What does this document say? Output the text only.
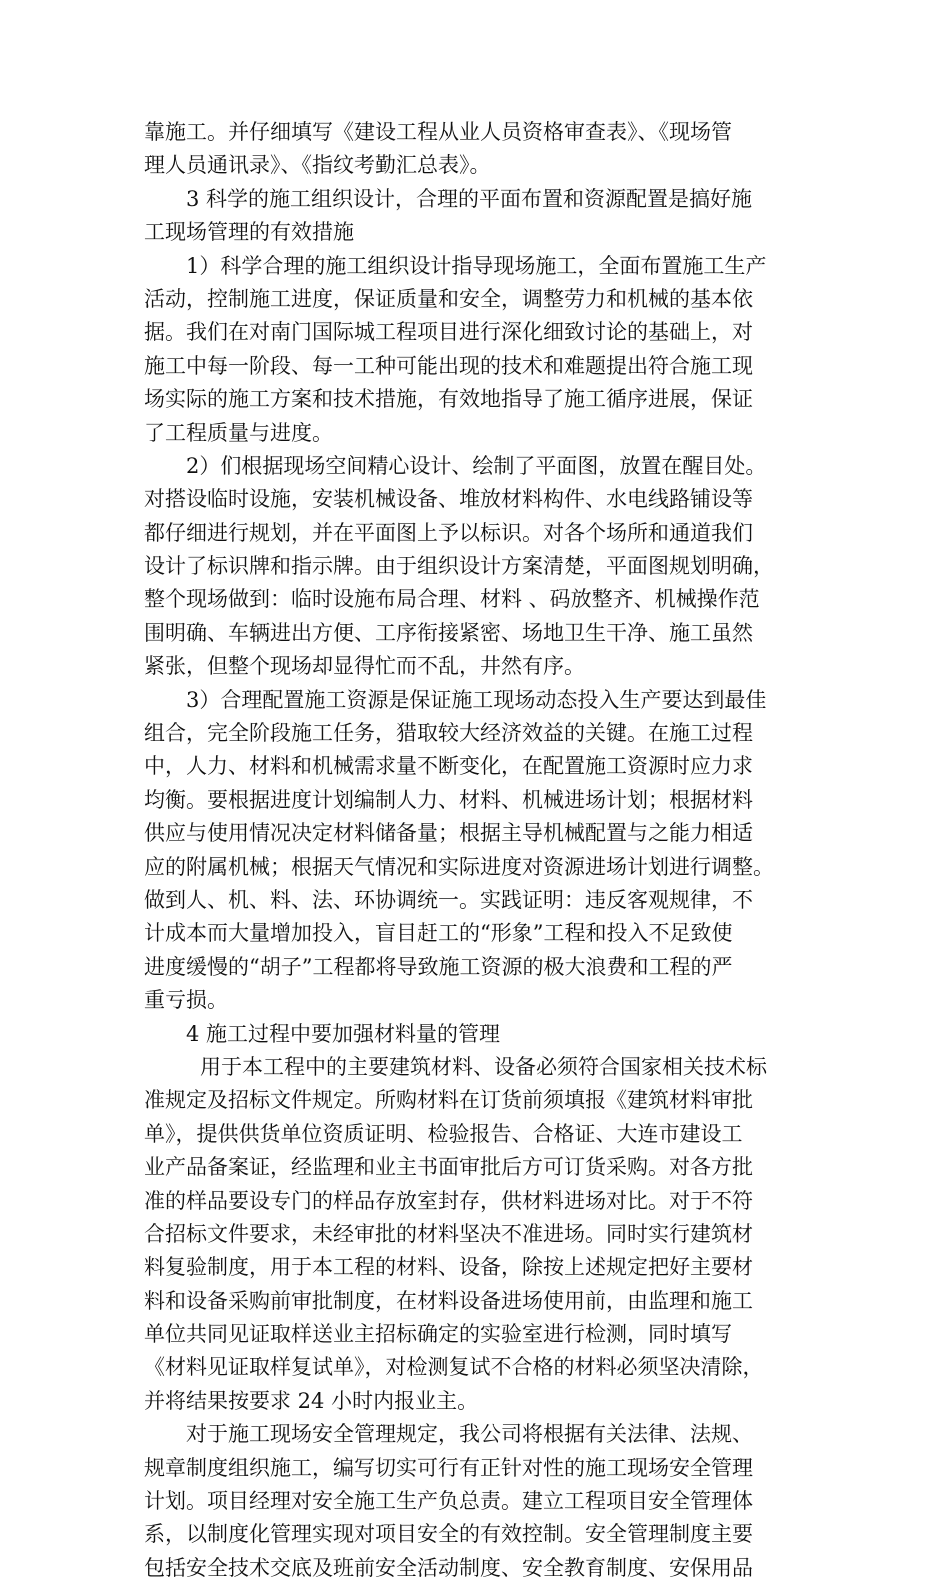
靠施工。并仔细填写《建设工程从业人员资格审查表》、《现场管
理人员通讯录》、《指纹考勤汇总表》。
3 科学的施工组织设计，合理的平面布置和资源配置是搞好施
工现场管理的有效措施
1）科学合理的施工组织设计指导现场施工，全面布置施工生产
活动，控制施工进度，保证质量和安全，调整劳力和机械的基本依
据。我们在对南门国际城工程项目进行深化细致讨论的基础上，对
施工中每一阶段、每一工种可能出现的技术和难题提出符合施工现
场实际的施工方案和技术措施，有效地指导了施工循序进展，保证
了工程质量与进度。
2）们根据现场空间精心设计、绘制了平面图，放置在醒目处。
对搭设临时设施，安装机械设备、堆放材料构件、水电线路铺设等
都仔细进行规划，并在平面图上予以标识。对各个场所和通道我们
设计了标识牌和指示牌。由于组织设计方案清楚，平面图规划明确，
整个现场做到：临时设施布局合理、材料 、码放整齐、机械操作范
围明确、车辆进出方便、工序衔接紧密、场地卫生干净、施工虽然
紧张，但整个现场却显得忙而不乱，井然有序。
3）合理配置施工资源是保证施工现场动态投入生产要达到最佳
组合，完全阶段施工任务，猎取较大经济效益的关键。在施工过程
中，人力、材料和机械需求量不断变化，在配置施工资源时应力求
均衡。要根据进度计划编制人力、材料、机械进场计划；根据材料
供应与使用情况决定材料储备量；根据主导机械配置与之能力相适
应的附属机械；根据天气情况和实际进度对资源进场计划进行调整。
做到人、机、料、法、环协调统一。实践证明：违反客观规律，不
计成本而大量增加投入，盲目赶工的“形象”工程和投入不足致使
进度缓慢的“胡子”工程都将导致施工资源的极大浪费和工程的严
重亏损。
4 施工过程中要加强材料量的管理
用于本工程中的主要建筑材料、设备必须符合国家相关技术标
准规定及招标文件规定。所购材料在订货前须填报《建筑材料审批
单》，提供供货单位资质证明、检验报告、合格证、大连市建设工
业产品备案证，经监理和业主书面审批后方可订货采购。对各方批
准的样品要设专门的样品存放室封存，供材料进场对比。对于不符
合招标文件要求，未经审批的材料坚决不准进场。同时实行建筑材
料复验制度，用于本工程的材料、设备，除按上述规定把好主要材
料和设备采购前审批制度，在材料设备进场使用前，由监理和施工
单位共同见证取样送业主招标确定的实验室进行检测，同时填写
《材料见证取样复试单》，对检测复试不合格的材料必须坚决清除，
并将结果按要求 24 小时内报业主。
对于施工现场安全管理规定，我公司将根据有关法律、法规、
规章制度组织施工，编写切实可行有正针对性的施工现场安全管理
计划。项目经理对安全施工生产负总责。建立工程项目安全管理体
系，以制度化管理实现对项目安全的有效控制。安全管理制度主要
包括安全技术交底及班前安全活动制度、安全教育制度、安保用品
